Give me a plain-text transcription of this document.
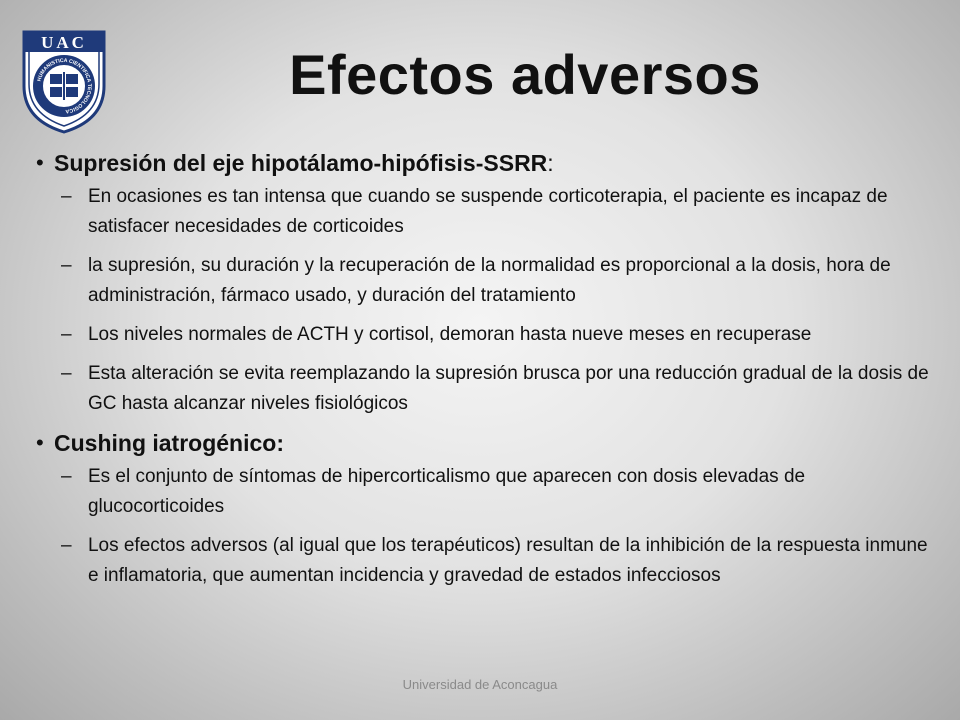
UAC
HUMANISTICA CIENTIFICA TECNOLOGICA
Efectos adversos
• Supresión del eje hipotálamo-hipófisis-SSRR:
– En ocasiones es tan intensa que cuando se suspende corticoterapia, el paciente es incapaz de satisfacer necesidades de corticoides
– la supresión, su duración y la recuperación de la normalidad es proporcional a la dosis, hora de administración, fármaco usado, y duración del tratamiento
– Los niveles normales de ACTH y cortisol, demoran hasta nueve meses en recuperase
– Esta alteración se evita reemplazando la supresión brusca por una reducción gradual de la dosis de GC hasta alcanzar niveles fisiológicos
• Cushing iatrogénico:
– Es el conjunto de síntomas de hipercorticalismo que aparecen con dosis elevadas de glucocorticoides
– Los efectos adversos (al igual que los terapéuticos) resultan de la inhibición de la respuesta inmune e inflamatoria, que aumentan incidencia y gravedad de estados infecciosos
Universidad de Aconcagua
